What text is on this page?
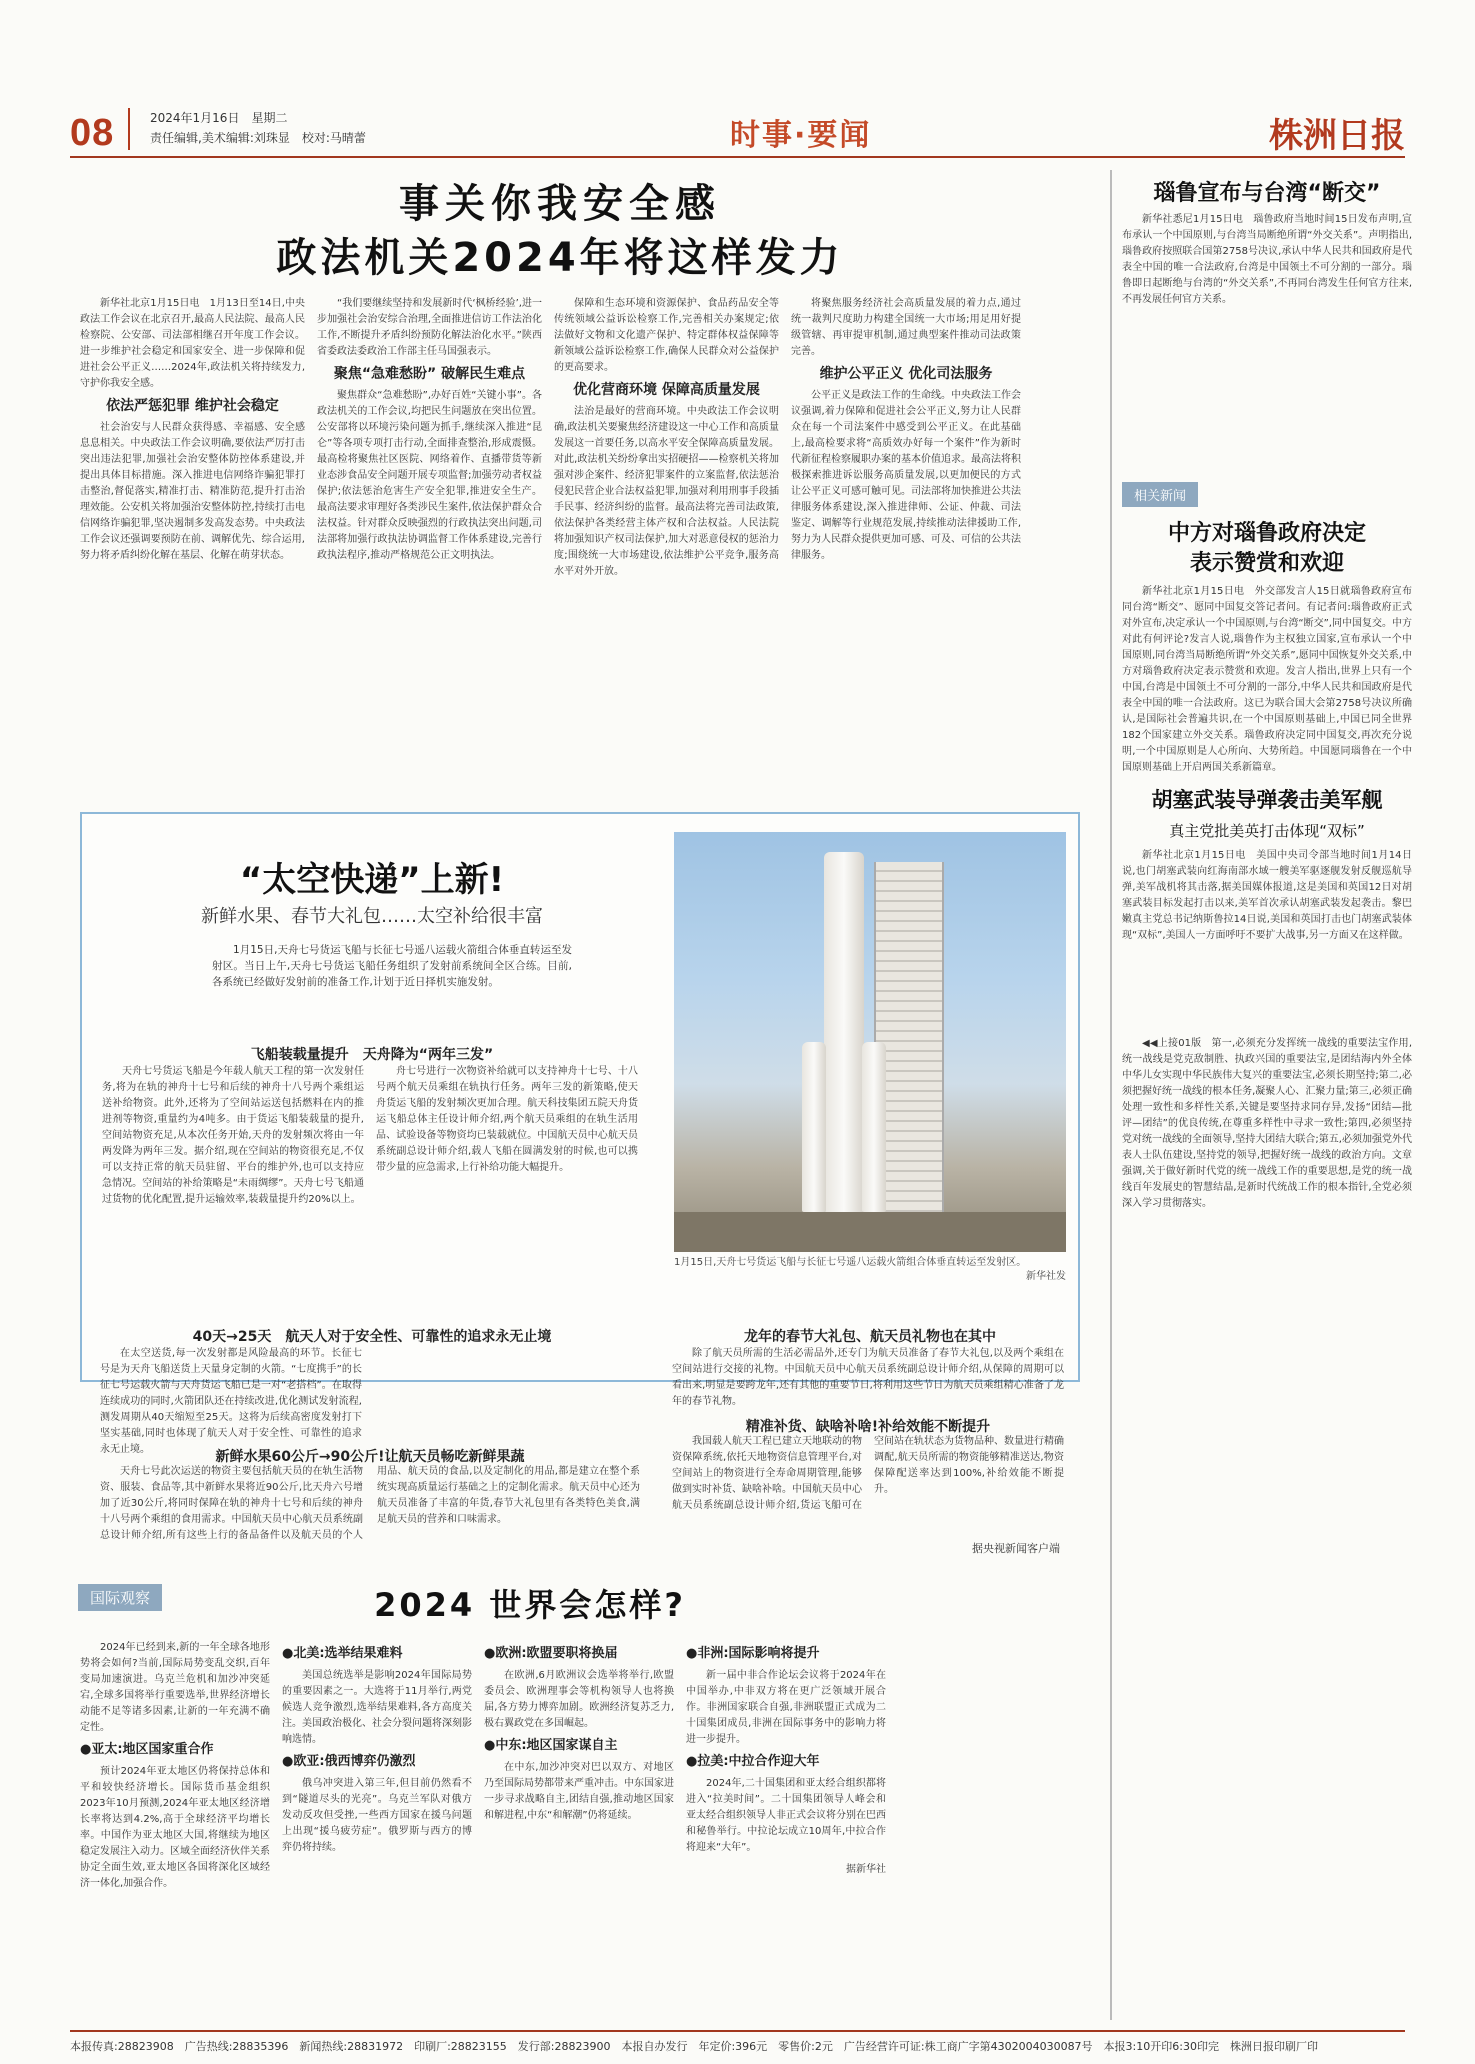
08	2024年1月16日　星期二
责任编辑,美术编辑:刘珠显　校对:马晴蕾	时事·要闻	株洲日报
事关你我安全感
政法机关2024年将这样发力

新华社北京1月15日电　1月13日至14日,中央政法工作会议在北京召开,最高人民法院、最高人民检察院、公安部、司法部相继召开年度工作会议。进一步维护社会稳定和国家安全、进一步保障和促进社会公平正义……2024年,政法机关将持续发力,守护你我安全感。

依法严惩犯罪 维护社会稳定

社会治安与人民群众获得感、幸福感、安全感息息相关。中央政法工作会议明确,要依法严厉打击突出违法犯罪,加强社会治安整体防控体系建设,并提出具体目标措施。深入推进电信网络诈骗犯罪打击整治,督促落实,精准打击、精准防范,提升打击治理效能。公安机关将加强治安整体防控,持续打击电信网络诈骗犯罪,坚决遏制多发高发态势。中央政法工作会议还强调要预防在前、调解优先、综合运用,努力将矛盾纠纷化解在基层、化解在萌芽状态。

“我们要继续坚持和发展新时代‘枫桥经验’,进一步加强社会治安综合治理,全面推进信访工作法治化工作,不断提升矛盾纠纷预防化解法治化水平。”陕西省委政法委政治工作部主任马国强表示。

聚焦“急难愁盼” 破解民生难点

聚焦群众“急难愁盼”,办好百姓“关键小事”。各政法机关的工作会议,均把民生问题放在突出位置。公安部将以环境污染问题为抓手,继续深入推进“昆仑”等各项专项打击行动,全面排查整治,形成震慑。最高检将聚焦社区医院、网络着作、直播带货等新业态涉食品安全问题开展专项监督;加强劳动者权益保护;依法惩治危害生产安全犯罪,推进安全生产。最高法要求审理好各类涉民生案件,依法保护群众合法权益。针对群众反映强烈的行政执法突出问题,司法部将加强行政执法协调监督工作体系建设,完善行政执法程序,推动严格规范公正文明执法。

保障和生态环境和资源保护、食品药品安全等传统领域公益诉讼检察工作,完善相关办案规定;依法做好文物和文化遗产保护、特定群体权益保障等新领域公益诉讼检察工作,确保人民群众对公益保护的更高要求。

优化营商环境 保障高质量发展

法治是最好的营商环境。中央政法工作会议明确,政法机关要聚焦经济建设这一中心工作和高质量发展这一首要任务,以高水平安全保障高质量发展。对此,政法机关纷纷拿出实招硬招——检察机关将加强对涉企案件、经济犯罪案件的立案监督,依法惩治侵犯民营企业合法权益犯罪,加强对利用刑事手段插手民事、经济纠纷的监督。最高法将完善司法政策,依法保护各类经营主体产权和合法权益。人民法院将加强知识产权司法保护,加大对恶意侵权的惩治力度;围绕统一大市场建设,依法维护公平竞争,服务高水平对外开放。

将聚焦服务经济社会高质量发展的着力点,通过统一裁判尺度助力构建全国统一大市场;用足用好提级管辖、再审提审机制,通过典型案件推动司法政策完善。

维护公平正义 优化司法服务

公平正义是政法工作的生命线。中央政法工作会议强调,着力保障和促进社会公平正义,努力让人民群众在每一个司法案件中感受到公平正义。在此基础上,最高检要求将“高质效办好每一个案件”作为新时代新征程检察履职办案的基本价值追求。最高法将积极探索推进诉讼服务高质量发展,以更加便民的方式让公平正义可感可触可见。司法部将加快推进公共法律服务体系建设,深入推进律师、公证、仲裁、司法鉴定、调解等行业规范发展,持续推动法律援助工作,努力为人民群众提供更加可感、可及、可信的公共法律服务。

“太空快递”上新!
新鲜水果、春节大礼包……太空补给很丰富

1月15日,天舟七号货运飞船与长征七号遥八运载火箭组合体垂直转运至发射区。当日上午,天舟七号货运飞船任务组织了发射前系统间全区合练。目前,各系统已经做好发射前的准备工作,计划于近日择机实施发射。

飞船装载量提升　天舟降为“两年三发”

天舟七号货运飞船是今年载人航天工程的第一次发射任务,将为在轨的神舟十七号和后续的神舟十八号两个乘组运送补给物资。此外,还将为了空间站运送包括燃料在内的推进剂等物资,重量约为4吨多。由于货运飞船装载量的提升,空间站物资充足,从本次任务开始,天舟的发射频次将由一年两发降为两年三发。据介绍,现在空间站的物资很充足,不仅可以支持正常的航天员驻留、平台的维护外,也可以支持应急情况。空间站的补给策略是“未雨绸缪”。天舟七号飞船通过货物的优化配置,提升运输效率,装载量提升约20%以上。

舟七号进行一次物资补给就可以支持神舟十七号、十八号两个航天员乘组在轨执行任务。两年三发的新策略,使天舟货运飞船的发射频次更加合理。航天科技集团五院天舟货运飞船总体主任设计师介绍,两个航天员乘组的在轨生活用品、试验设备等物资均已装载就位。中国航天员中心航天员系统副总设计师介绍,载人飞船在圆满发射的时候,也可以携带少量的应急需求,上行补给功能大幅提升。

40天→25天　航天人对于安全性、可靠性的追求永无止境
1月15日,天舟七号货运飞船与长征七号遥八运载火箭组合体垂直转运至发射区。
新华社发
龙年的春节大礼包、航天员礼物也在其中

在太空送货,每一次发射都是风险最高的环节。长征七号是为天舟飞船送货上天量身定制的火箭。“七度携手”的长征七号运载火箭与天舟货运飞船已是一对“老搭档”。在取得连续成功的同时,火箭团队还在持续改进,优化测试发射流程,测发周期从40天缩短至25天。这将为后续高密度发射打下坚实基础,同时也体现了航天人对于安全性、可靠性的追求永无止境。	新鲜水果60公斤→90公斤!让航天员畅吃新鲜果蔬

天舟七号此次运送的物资主要包括航天员的在轨生活物资、服装、食品等,其中新鲜水果将近90公斤,比天舟六号增加了近30公斤,将同时保障在轨的神舟十七号和后续的神舟十八号两个乘组的食用需求。中国航天员中心航天员系统副总设计师介绍,所有这些上行的备品备件以及航天员的个人用品、航天员的食品,以及定制化的用品,都是建立在整个系统实现高质量运行基础之上的定制化需求。航天员中心还为航天员准备了丰富的年货,春节大礼包里有各类特色美食,满足航天员的营养和口味需求。

除了航天员所需的生活必需品外,还专门为航天员准备了春节大礼包,以及两个乘组在空间站进行交接的礼物。中国航天员中心航天员系统副总设计师介绍,从保障的周期可以看出来,明显是要跨龙年,还有其他的重要节日,将利用这些节日为航天员乘组精心准备了龙年的春节礼物。

精准补货、缺啥补啥!补给效能不断提升

我国载人航天工程已建立天地联动的物资保障系统,依托天地物资信息管理平台,对空间站上的物资进行全寿命周期管理,能够做到实时补货、缺啥补啥。中国航天员中心航天员系统副总设计师介绍,货运飞船可在空间站在轨状态为货物品种、数量进行精确调配,航天员所需的物资能够精准送达,物资保障配送率达到100%,补给效能不断提升。

据央视新闻客户端
国际观察	2024 世界会怎样?

2024年已经到来,新的一年全球各地形势将会如何?当前,国际局势变乱交织,百年变局加速演进。乌克兰危机和加沙冲突延宕,全球多国将举行重要选举,世界经济增长动能不足等诸多因素,让新的一年充满不确定性。

●亚太:地区国家重合作

预计2024年亚太地区仍将保持总体和平和较快经济增长。国际货币基金组织2023年10月预测,2024年亚太地区经济增长率将达到4.2%,高于全球经济平均增长率。中国作为亚太地区大国,将继续为地区稳定发展注入动力。区域全面经济伙伴关系协定全面生效,亚太地区各国将深化区域经济一体化,加强合作。

●北美:选举结果难料

美国总统选举是影响2024年国际局势的重要因素之一。大选将于11月举行,两党候选人竞争激烈,选举结果难料,各方高度关注。美国政治极化、社会分裂问题将深刻影响选情。

●欧亚:俄西博弈仍激烈

俄乌冲突进入第三年,但目前仍然看不到“隧道尽头的光亮”。乌克兰军队对俄方发动反攻但受挫,一些西方国家在援乌问题上出现“援乌疲劳症”。俄罗斯与西方的博弈仍将持续。

●欧洲:欧盟要职将换届

在欧洲,6月欧洲议会选举将举行,欧盟委员会、欧洲理事会等机构领导人也将换届,各方势力博弈加剧。欧洲经济复苏乏力,极右翼政党在多国崛起。

●中东:地区国家谋自主

在中东,加沙冲突对巴以双方、对地区乃至国际局势都带来严重冲击。中东国家进一步寻求战略自主,团结自强,推动地区国家和解进程,中东“和解潮”仍将延续。

●非洲:国际影响将提升

新一届中非合作论坛会议将于2024年在中国举办,中非双方将在更广泛领域开展合作。非洲国家联合自强,非洲联盟正式成为二十国集团成员,非洲在国际事务中的影响力将进一步提升。

●拉美:中拉合作迎大年

2024年,二十国集团和亚太经合组织都将进入“拉美时间”。二十国集团领导人峰会和亚太经合组织领导人非正式会议将分别在巴西和秘鲁举行。中拉论坛成立10周年,中拉合作将迎来“大年”。

据新华社
瑙鲁宣布与台湾“断交”

新华社悉尼1月15日电　瑙鲁政府当地时间15日发布声明,宣布承认一个中国原则,与台湾当局断绝所谓“外交关系”。声明指出,瑙鲁政府按照联合国第2758号决议,承认中华人民共和国政府是代表全中国的唯一合法政府,台湾是中国领土不可分割的一部分。瑙鲁即日起断绝与台湾的“外交关系”,不再同台湾发生任何官方往来,不再发展任何官方关系。

相关新闻
中方对瑙鲁政府决定
表示赞赏和欢迎

新华社北京1月15日电　外交部发言人15日就瑙鲁政府宣布同台湾“断交”、愿同中国复交答记者问。有记者问:瑙鲁政府正式对外宣布,决定承认一个中国原则,与台湾“断交”,同中国复交。中方对此有何评论?发言人说,瑙鲁作为主权独立国家,宣布承认一个中国原则,同台湾当局断绝所谓“外交关系”,愿同中国恢复外交关系,中方对瑙鲁政府决定表示赞赏和欢迎。发言人指出,世界上只有一个中国,台湾是中国领土不可分割的一部分,中华人民共和国政府是代表全中国的唯一合法政府。这已为联合国大会第2758号决议所确认,是国际社会普遍共识,在一个中国原则基础上,中国已同全世界182个国家建立外交关系。瑙鲁政府决定同中国复交,再次充分说明,一个中国原则是人心所向、大势所趋。中国愿同瑙鲁在一个中国原则基础上开启两国关系新篇章。

胡塞武装导弹袭击美军舰
真主党批美英打击体现“双标”

新华社北京1月15日电　美国中央司令部当地时间1月14日说,也门胡塞武装向红海南部水域一艘美军驱逐舰发射反舰巡航导弹,美军战机将其击落,据美国媒体报道,这是美国和英国12日对胡塞武装目标发起打击以来,美军首次承认胡塞武装发起袭击。黎巴嫩真主党总书记纳斯鲁拉14日说,美国和英国打击也门胡塞武装体现“双标”,美国人一方面呼吁不要扩大战事,另一方面又在这样做。

◀◀上接01版　第一,必须充分发挥统一战线的重要法宝作用,统一战线是党克敌制胜、执政兴国的重要法宝,是团结海内外全体中华儿女实现中华民族伟大复兴的重要法宝,必须长期坚持;第二,必须把握好统一战线的根本任务,凝聚人心、汇聚力量;第三,必须正确处理一致性和多样性关系,关键是要坚持求同存异,发扬“团结—批评—团结”的优良传统,在尊重多样性中寻求一致性;第四,必须坚持党对统一战线的全面领导,坚持大团结大联合;第五,必须加强党外代表人士队伍建设,坚持党的领导,把握好统一战线的政治方向。文章强调,关于做好新时代党的统一战线工作的重要思想,是党的统一战线百年发展史的智慧结晶,是新时代统战工作的根本指针,全党必须深入学习贯彻落实。

本报传真:28823908　广告热线:28835396　新闻热线:28831972　印刷厂:28823155　发行部:28823900　本报自办发行　年定价:396元　零售价:2元　广告经营许可证:株工商广字第4302004030087号　本报3:10开印6:30印完　株洲日报印刷厂印
